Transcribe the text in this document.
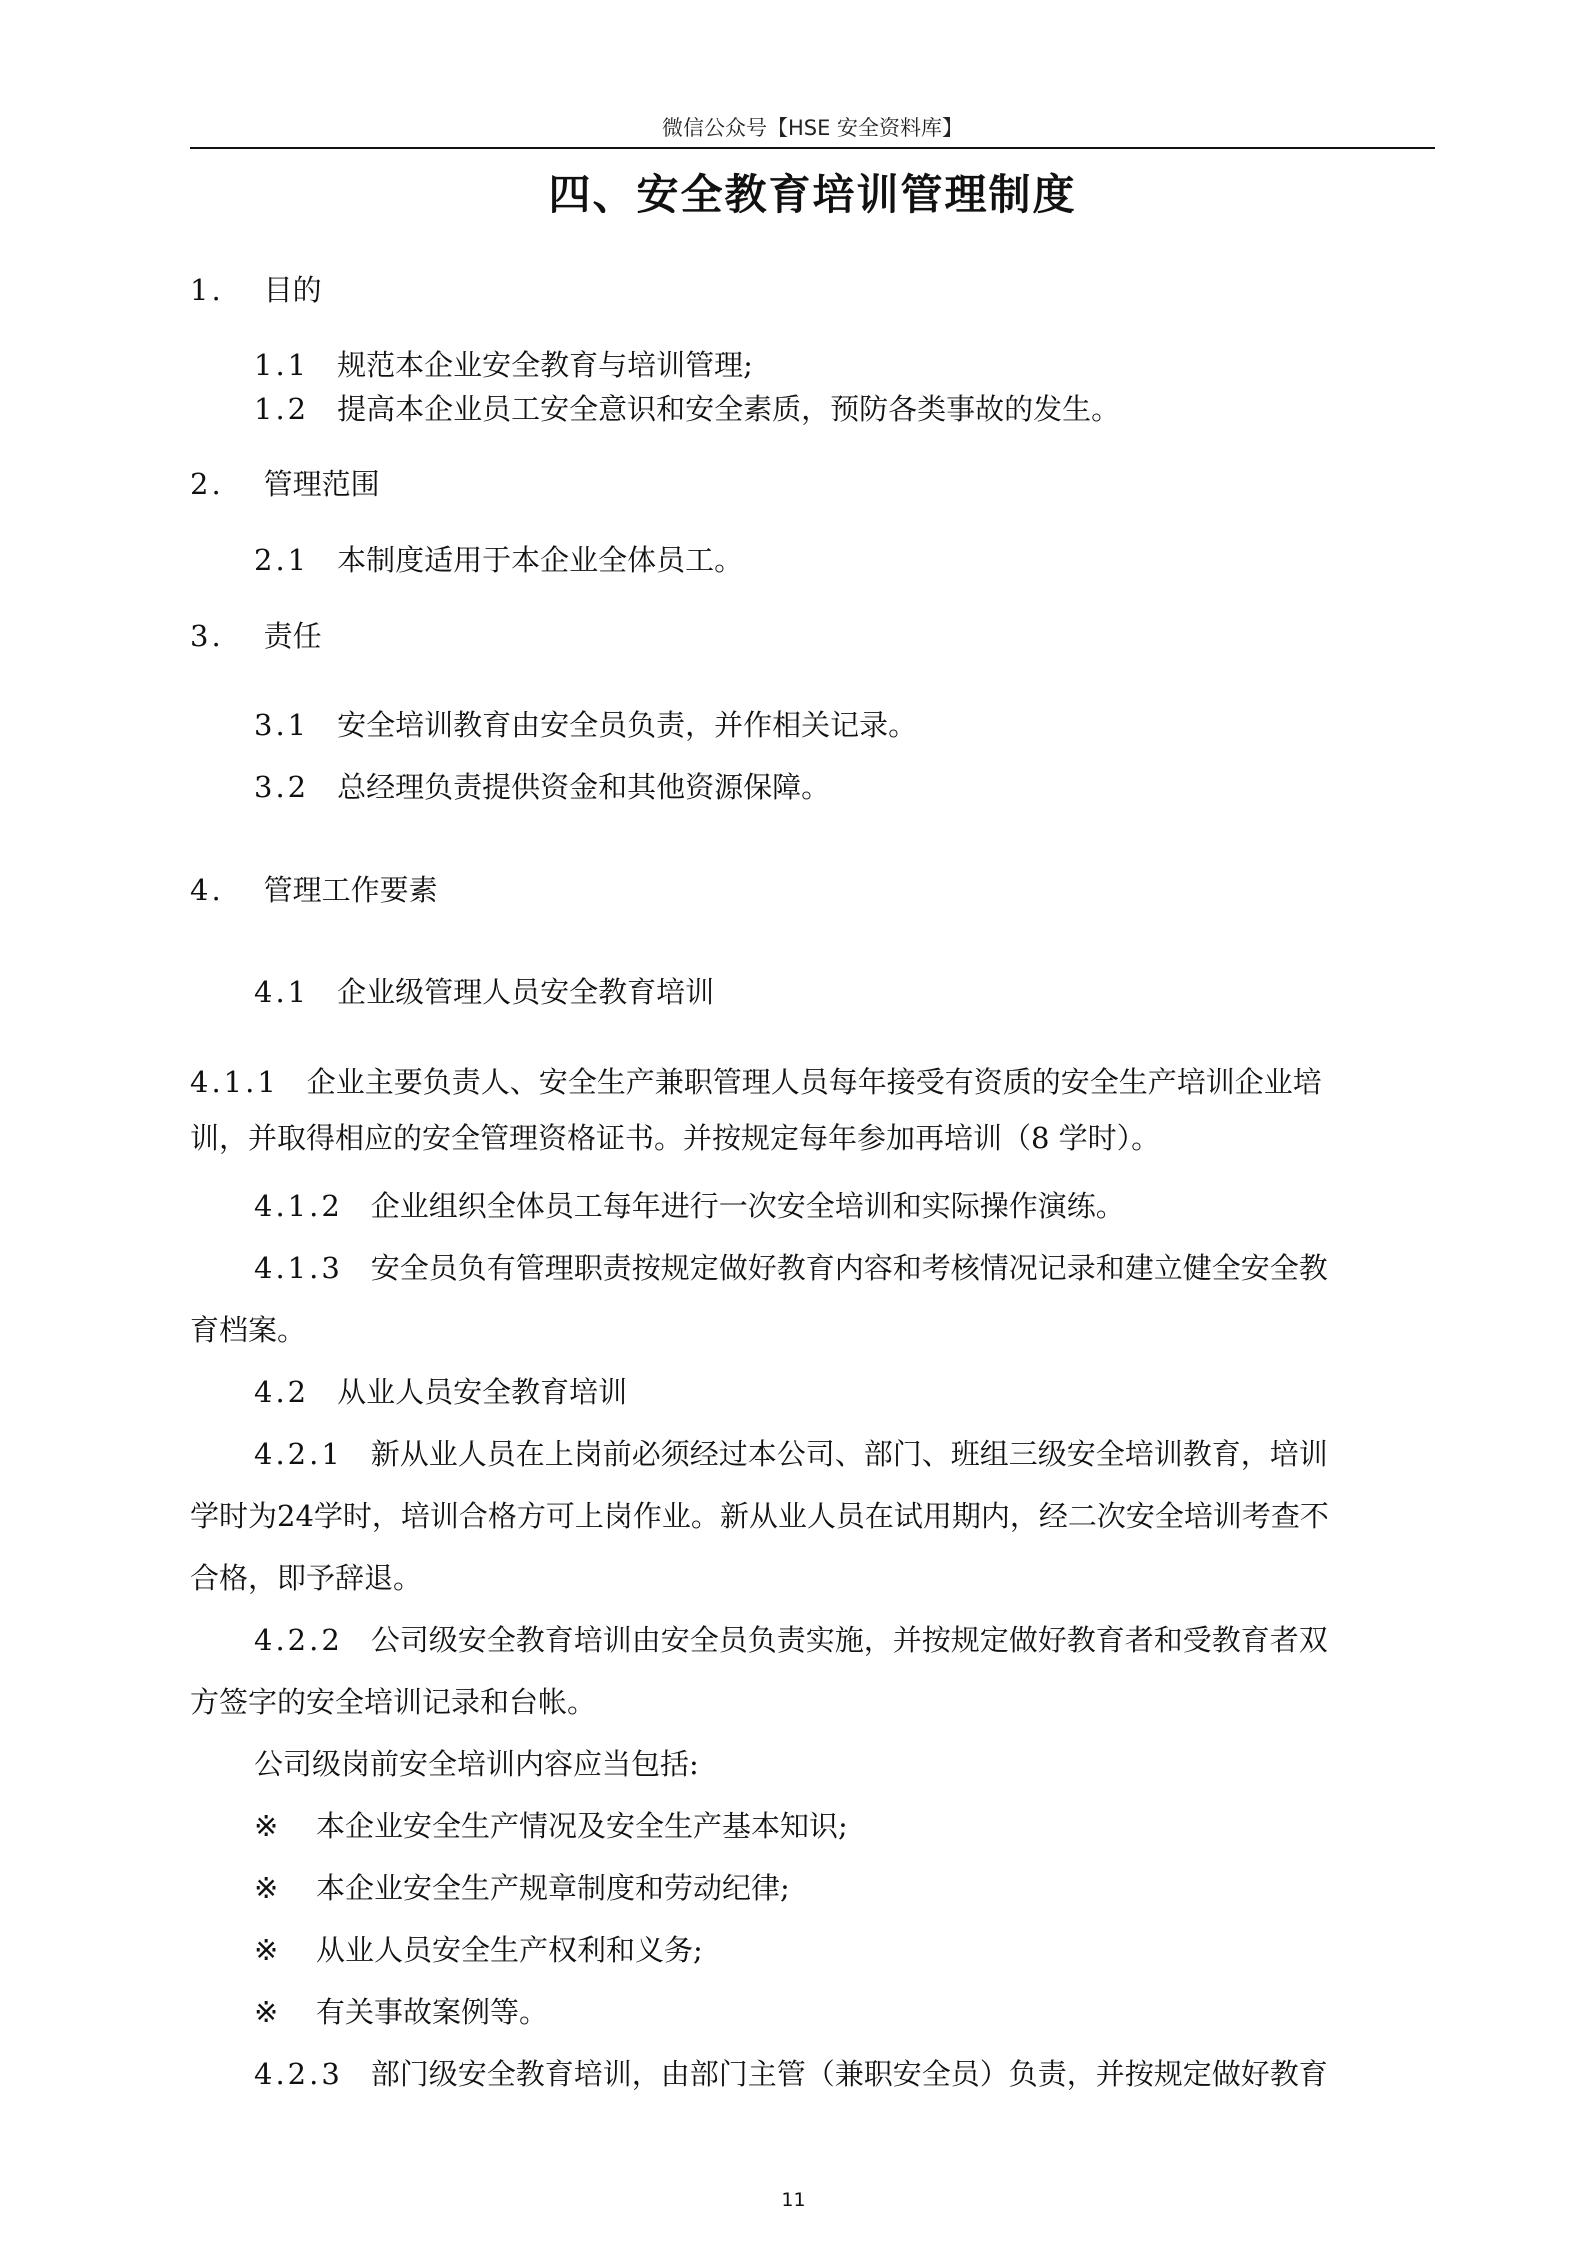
微信公众号【HSE 安全资料库】
四、安全教育培训管理制度
1. 目的
1.1 规范本企业安全教育与培训管理;
1.2 提高本企业员工安全意识和安全素质，预防各类事故的发生。
2. 管理范围
2.1 本制度适用于本企业全体员工。
3. 责任
3.1 安全培训教育由安全员负责，并作相关记录。
3.2 总经理负责提供资金和其他资源保障。
4. 管理工作要素
4.1 企业级管理人员安全教育培训
4.1.1 企业主要负责人、安全生产兼职管理人员每年接受有资质的安全生产培训企业培
训，并取得相应的安全管理资格证书。并按规定每年参加再培训（8 学时）。
4.1.2 企业组织全体员工每年进行一次安全培训和实际操作演练。
4.1.3 安全员负有管理职责按规定做好教育内容和考核情况记录和建立健全安全教
育档案。
4.2 从业人员安全教育培训
4.2.1 新从业人员在上岗前必须经过本公司、部门、班组三级安全培训教育，培训
学时为24学时，培训合格方可上岗作业。新从业人员在试用期内，经二次安全培训考查不
合格，即予辞退。
4.2.2 公司级安全教育培训由安全员负责实施，并按规定做好教育者和受教育者双
方签字的安全培训记录和台帐。
公司级岗前安全培训内容应当包括:
※ 本企业安全生产情况及安全生产基本知识;
※ 本企业安全生产规章制度和劳动纪律;
※ 从业人员安全生产权利和义务;
※ 有关事故案例等。
4.2.3 部门级安全教育培训，由部门主管（兼职安全员）负责，并按规定做好教育
11
